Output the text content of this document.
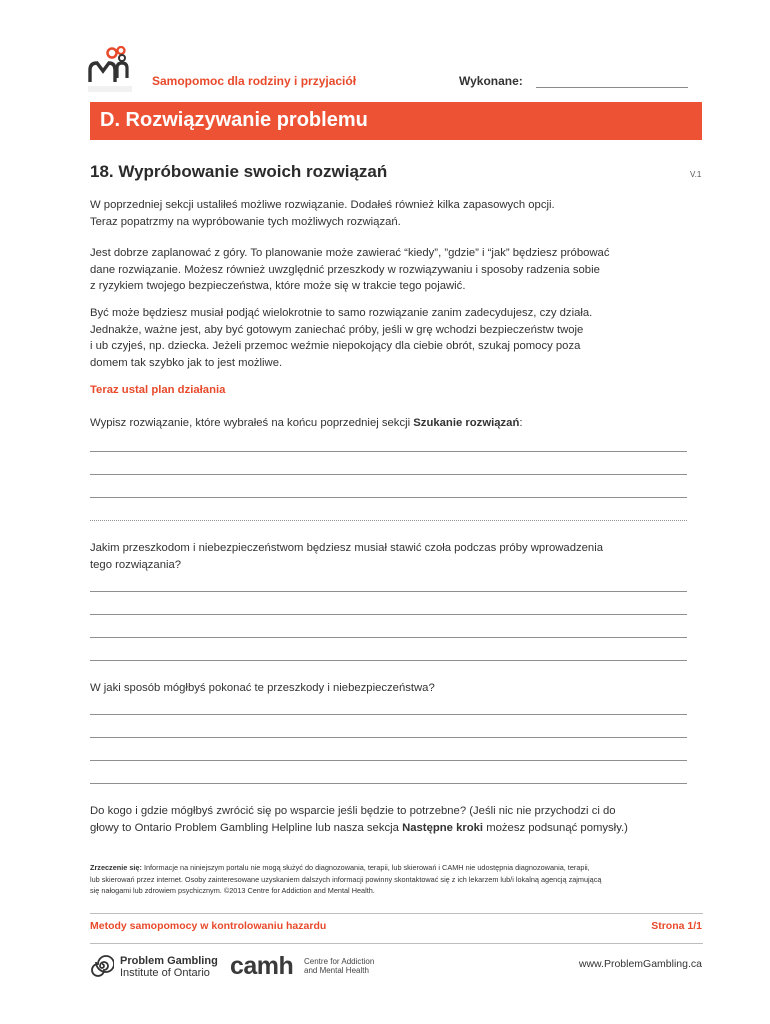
Samopomoc dla rodziny i przyjaciół	Wykonane:
D. Rozwiązywanie problemu
18. Wypróbowanie swoich rozwiązań	V.1
W poprzedniej sekcji ustaliłeś możliwe rozwiązanie. Dodałeś również kilka zapasowych opcji.
Teraz popatrzmy na wypróbowanie tych możliwych rozwiązań.
Jest dobrze zaplanować z góry. To planowanie może zawierać “kiedy”, ”gdzie” i “jak” będziesz próbować
dane rozwiązanie. Możesz również uwzględnić przeszkody w rozwiązywaniu i sposoby radzenia sobie
z ryzykiem twojego bezpieczeństwa, które może się w trakcie tego pojawić.
Być może będziesz musiał podjąć wielokrotnie to samo rozwiązanie zanim zadecydujesz, czy działa.
Jednakże, ważne jest, aby być gotowym zaniechać próby, jeśli w grę wchodzi bezpieczeństw twoje
i ub czyjeś, np. dziecka. Jeżeli przemoc weźmie niepokojący dla ciebie obrót, szukaj pomocy poza
domem tak szybko jak to jest możliwe.
Teraz ustal plan działania
Wypisz rozwiązanie, które wybrałeś na końcu poprzedniej sekcji Szukanie rozwiązań:
Jakim przeszkodom i niebezpieczeństwom będziesz musiał stawić czoła podczas próby wprowadzenia
tego rozwiązania?
W jaki sposób mógłbyś pokonać te przeszkody i niebezpieczeństwa?
Do kogo i gdzie mógłbyś zwrócić się po wsparcie jeśli będzie to potrzebne? (Jeśli nic nie przychodzi ci do
głowy to Ontario Problem Gambling Helpline lub nasza sekcja Następne kroki możesz podsunąć pomysły.)
Zrzeczenie się: Informacje na niniejszym portalu nie mogą służyć do diagnozowania, terapii, lub skierowań i CAMH nie udostępnia diagnozowania, terapii,
lub skierowań przez internet. Osoby zainteresowane uzyskaniem dalszych informacji powinny skontaktować się z ich lekarzem lub/i lokalną agencją zajmującą
się nałogami lub zdrowiem psychicznym. ©2013 Centre for Addiction and Mental Health.
Metody samopomocy w kontrolowaniu hazardu	Strona 1/1
Problem Gambling
Institute of Ontario camh Centre for Addiction
and Mental Health
www.ProblemGambling.ca
